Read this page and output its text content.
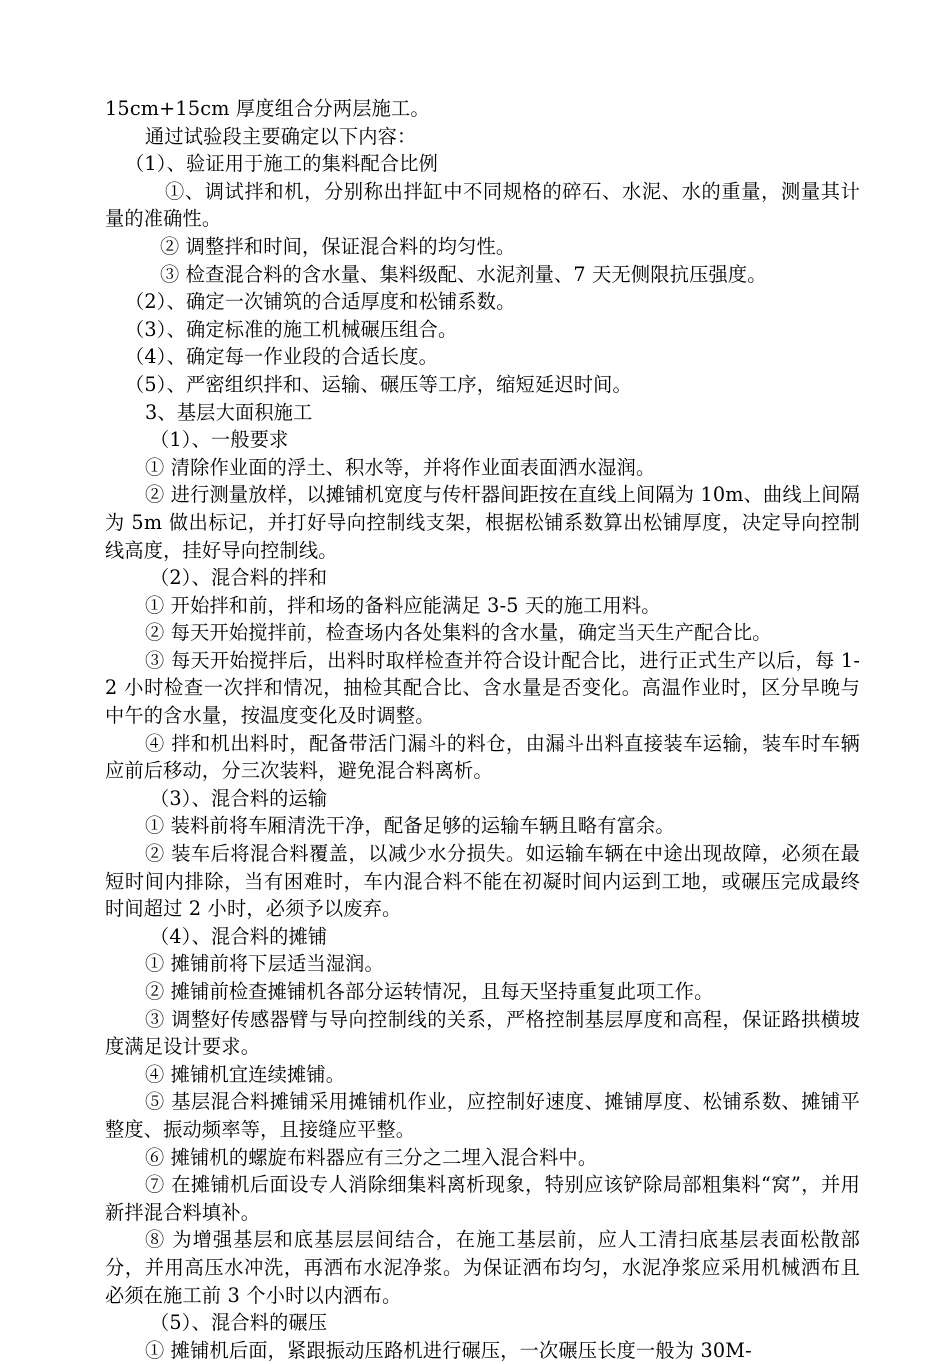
15cm+15cm 厚度组合分两层施工。

通过试验段主要确定以下内容：

（1）、验证用于施工的集料配合比例

①、调试拌和机，分别称出拌缸中不同规格的碎石、水泥、水的重量，测量其计量的准确性。

② 调整拌和时间，保证混合料的均匀性。

③ 检查混合料的含水量、集料级配、水泥剂量、7 天无侧限抗压强度。

（2）、确定一次铺筑的合适厚度和松铺系数。

（3）、确定标准的施工机械碾压组合。

（4）、确定每一作业段的合适长度。

（5）、严密组织拌和、运输、碾压等工序，缩短延迟时间。

3、基层大面积施工

（1）、一般要求

① 清除作业面的浮土、积水等，并将作业面表面洒水湿润。

② 进行测量放样，以摊铺机宽度与传杆器间距按在直线上间隔为 10m、曲线上间隔为 5m 做出标记，并打好导向控制线支架，根据松铺系数算出松铺厚度，决定导向控制线高度，挂好导向控制线。

（2）、混合料的拌和

① 开始拌和前，拌和场的备料应能满足 3-5 天的施工用料。

② 每天开始搅拌前，检查场内各处集料的含水量，确定当天生产配合比。

③ 每天开始搅拌后，出料时取样检查并符合设计配合比，进行正式生产以后，每 1-2 小时检查一次拌和情况，抽检其配合比、含水量是否变化。高温作业时，区分早晚与中午的含水量，按温度变化及时调整。

④ 拌和机出料时，配备带活门漏斗的料仓，由漏斗出料直接装车运输，装车时车辆应前后移动，分三次装料，避免混合料离析。

（3）、混合料的运输

① 装料前将车厢清洗干净，配备足够的运输车辆且略有富余。

② 装车后将混合料覆盖，以减少水分损失。如运输车辆在中途出现故障，必须在最短时间内排除，当有困难时，车内混合料不能在初凝时间内运到工地，或碾压完成最终时间超过 2 小时，必须予以废弃。

（4）、混合料的摊铺

① 摊铺前将下层适当湿润。

② 摊铺前检查摊铺机各部分运转情况，且每天坚持重复此项工作。

③ 调整好传感器臂与导向控制线的关系，严格控制基层厚度和高程，保证路拱横坡度满足设计要求。

④ 摊铺机宜连续摊铺。

⑤ 基层混合料摊铺采用摊铺机作业，应控制好速度、摊铺厚度、松铺系数、摊铺平整度、振动频率等，且接缝应平整。

⑥ 摊铺机的螺旋布料器应有三分之二埋入混合料中。

⑦ 在摊铺机后面设专人消除细集料离析现象，特别应该铲除局部粗集料“窝”，并用新拌混合料填补。

⑧ 为增强基层和底基层层间结合，在施工基层前，应人工清扫底基层表面松散部分，并用高压水冲洗，再洒布水泥净浆。为保证洒布均匀，水泥净浆应采用机械洒布且必须在施工前 3 个小时以内洒布。

（5）、混合料的碾压

① 摊铺机后面，紧跟振动压路机进行碾压，一次碾压长度一般为 30M-
